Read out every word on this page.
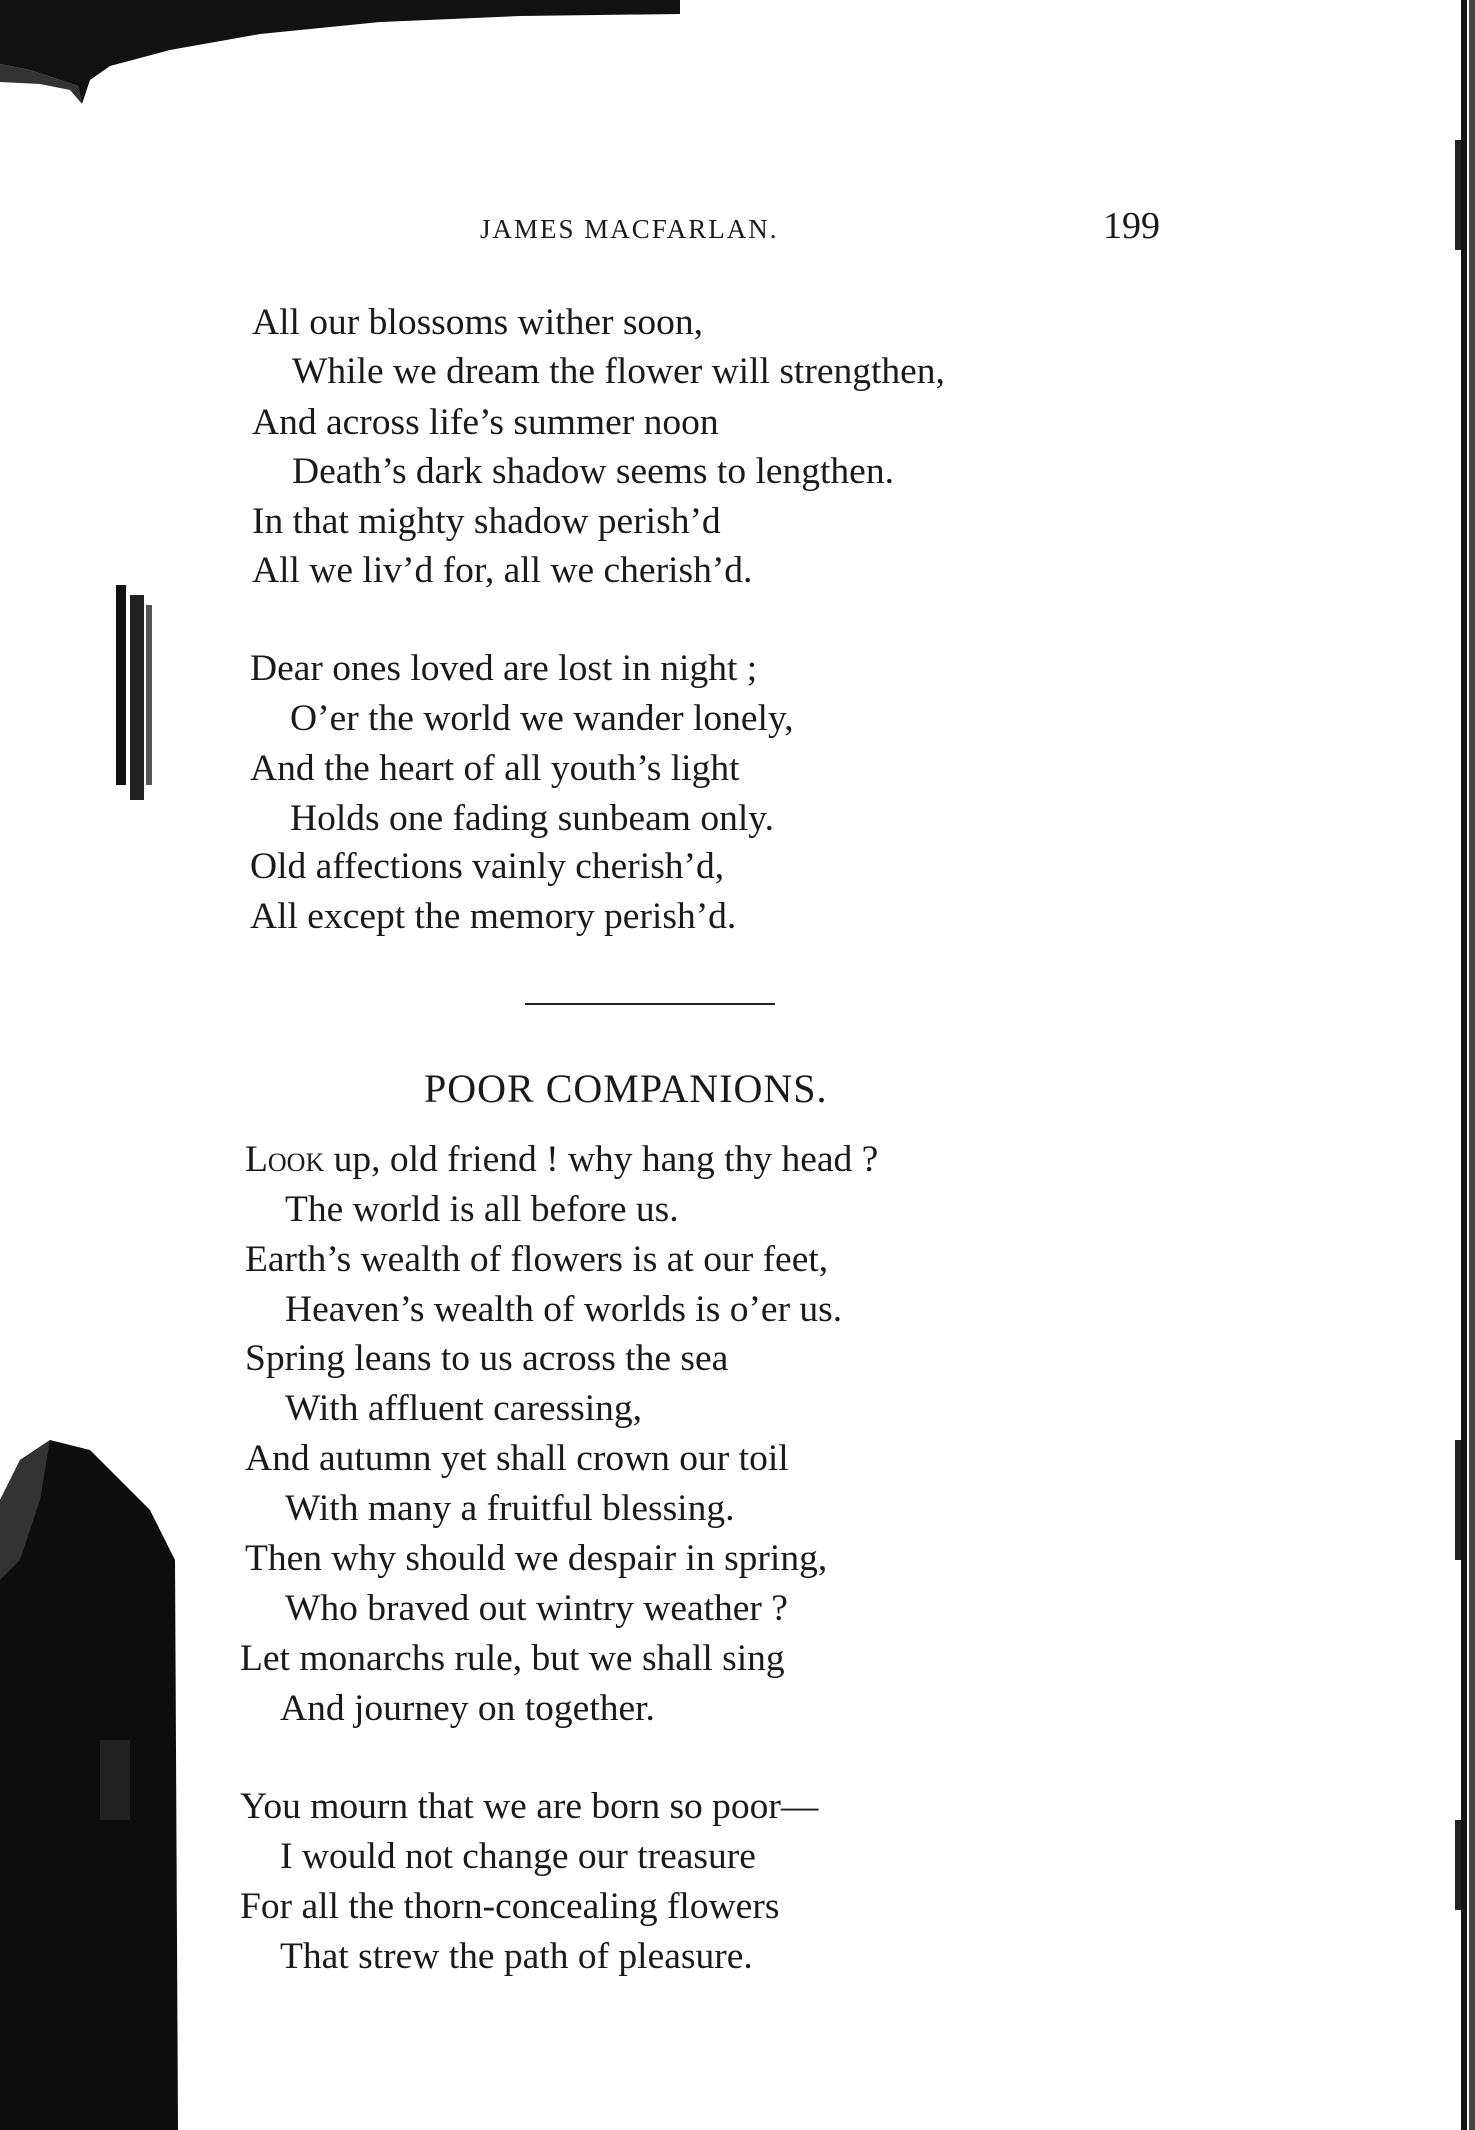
JAMES MACFARLAN.	199
All our blossoms wither soon,
While we dream the flower will strengthen,
And across life’s summer noon
Death’s dark shadow seems to lengthen.
In that mighty shadow perish’d
All we liv’d for, all we cherish’d.
Dear ones loved are lost in night ;
O’er the world we wander lonely,
And the heart of all youth’s light
Holds one fading sunbeam only.
Old affections vainly cherish’d,
All except the memory perish’d.
POOR COMPANIONS.
Look up, old friend ! why hang thy head ?
The world is all before us.
Earth’s wealth of flowers is at our feet,
Heaven’s wealth of worlds is o’er us.
Spring leans to us across the sea
With affluent caressing,
And autumn yet shall crown our toil
With many a fruitful blessing.
Then why should we despair in spring,
Who braved out wintry weather ?
Let monarchs rule, but we shall sing
And journey on together.
You mourn that we are born so poor—
I would not change our treasure
For all the thorn-concealing flowers
That strew the path of pleasure.
